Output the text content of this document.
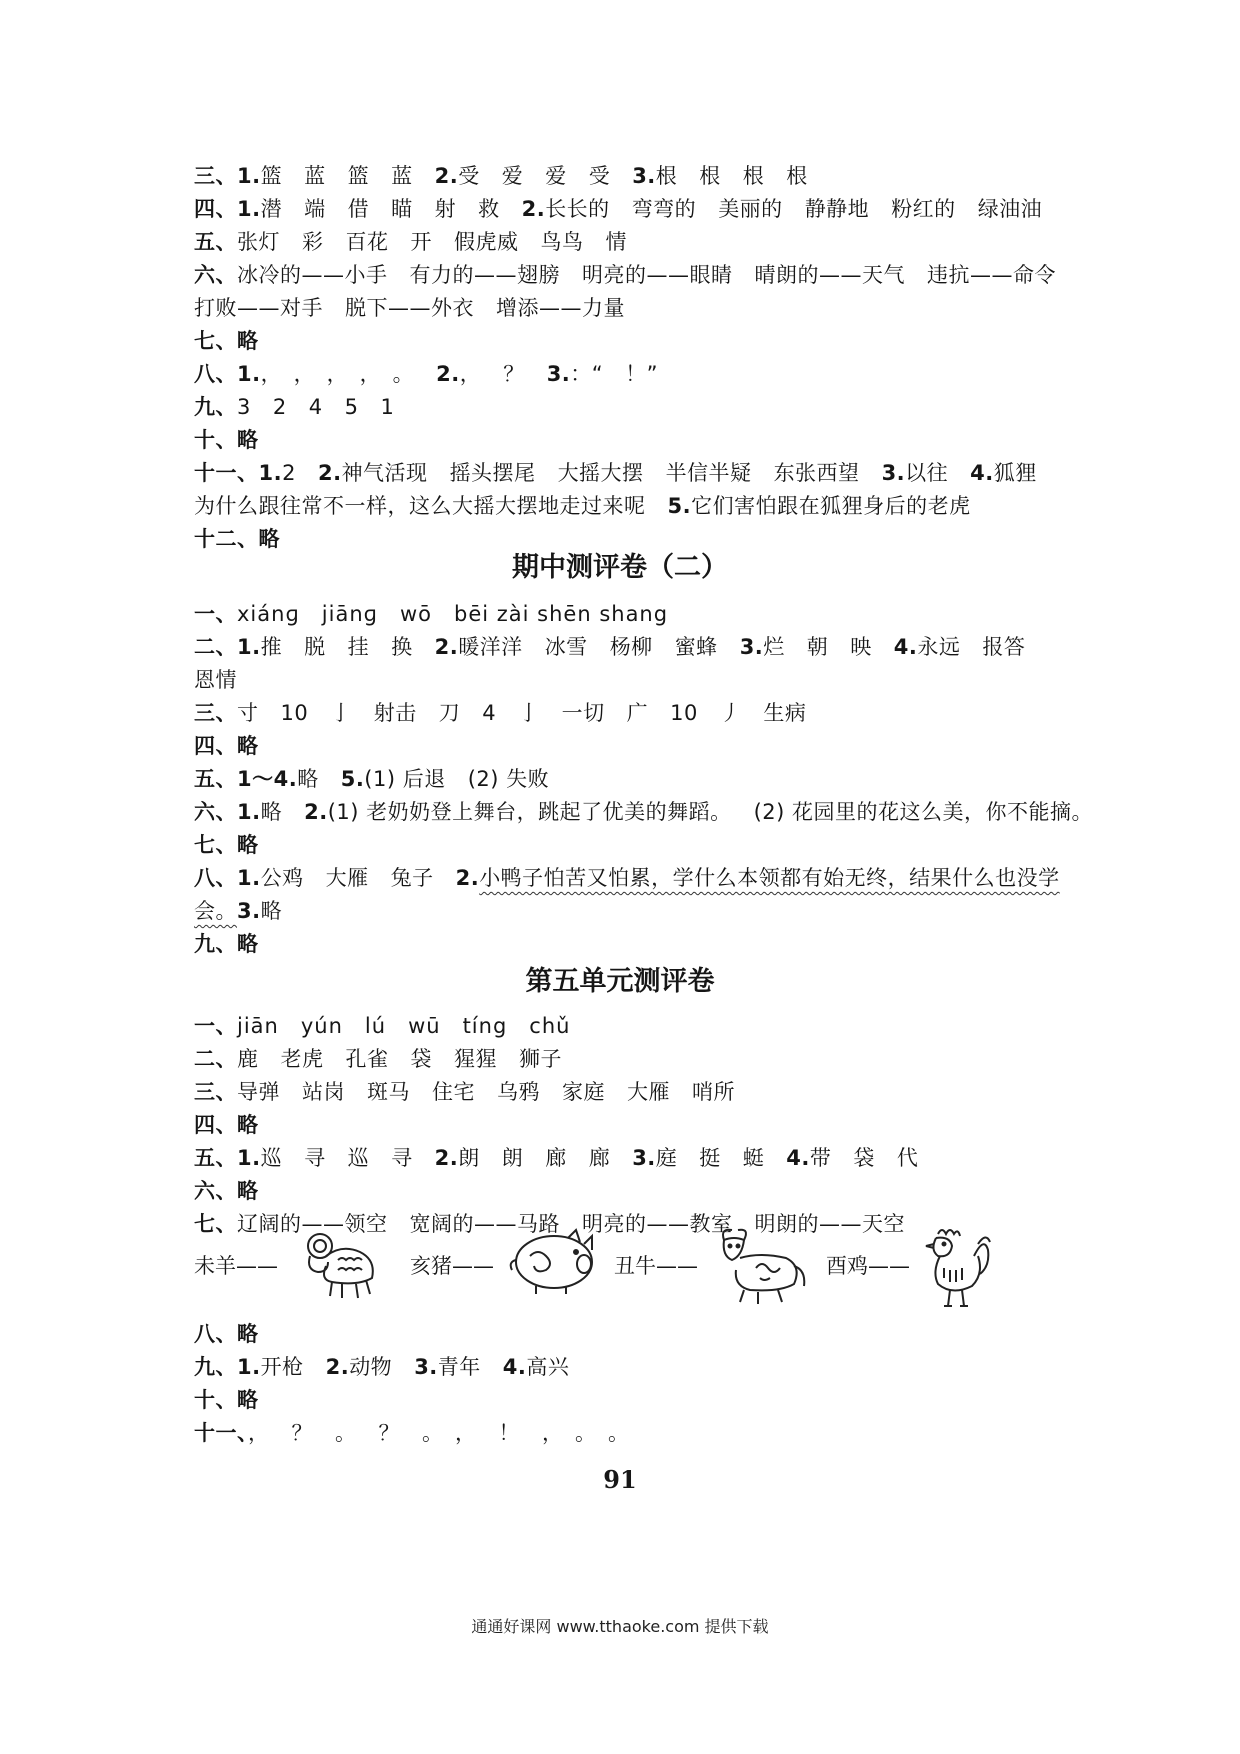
三、1.篮 蓝 篮 蓝 2.受 爱 爱 受 3.根 根 根 根
四、1.潜 端 借 瞄 射 救 2.长长的 弯弯的 美丽的 静静地 粉红的 绿油油
五、张灯 彩 百花 开 假虎威 鸟鸟 情
六、冰冷的——小手 有力的——翅膀 明亮的——眼睛 晴朗的——天气 违抗——命令
打败——对手 脱下——外衣 增添——力量
七、略
八、1.， ， ， ， 。 2.， ？ 3.：“ ！”
九、3 2 4 5 1
十、略
十一、1.2 2.神气活现 摇头摆尾 大摇大摆 半信半疑 东张西望 3.以往 4.狐狸
为什么跟往常不一样，这么大摇大摆地走过来呢 5.它们害怕跟在狐狸身后的老虎
十二、略
期中测评卷（二）
一、xiánɡ jiānɡ wō bēi zài shēn shang
二、1.推 脱 挂 换 2.暖洋洋 冰雪 杨柳 蜜蜂 3.烂 朝 映 4.永远 报答
恩情
三、寸 10 亅 射击 刀 4 亅 一切 广 10 丿 生病
四、略
五、1～4.略 5.(1) 后退 (2) 失败
六、1.略 2.(1) 老奶奶登上舞台，跳起了优美的舞蹈。 (2) 花园里的花这么美，你不能摘。
七、略
八、1.公鸡 大雁 兔子 2.小鸭子怕苦又怕累，学什么本领都有始无终，结果什么也没学
会。3.略
九、略
第五单元测评卷
一、jiān yún lú wū tíng chǔ
二、鹿 老虎 孔雀 袋 猩猩 狮子
三、导弹 站岗 斑马 住宅 乌鸦 家庭 大雁 哨所
四、略
五、1.巡 寻 巡 寻 2.朗 朗 廊 廊 3.庭 挺 蜓 4.带 袋 代
六、略
七、辽阔的——领空 宽阔的——马路 明亮的——教室 明朗的——天空
未羊——	亥猪——	丑牛——	酉鸡——
八、略
九、1.开枪 2.动物 3.青年 4.高兴
十、略
十一、， ？ 。 ？ 。 ， ！ ， 。 。
91
通通好课网 www.tthaoke.com 提供下载
